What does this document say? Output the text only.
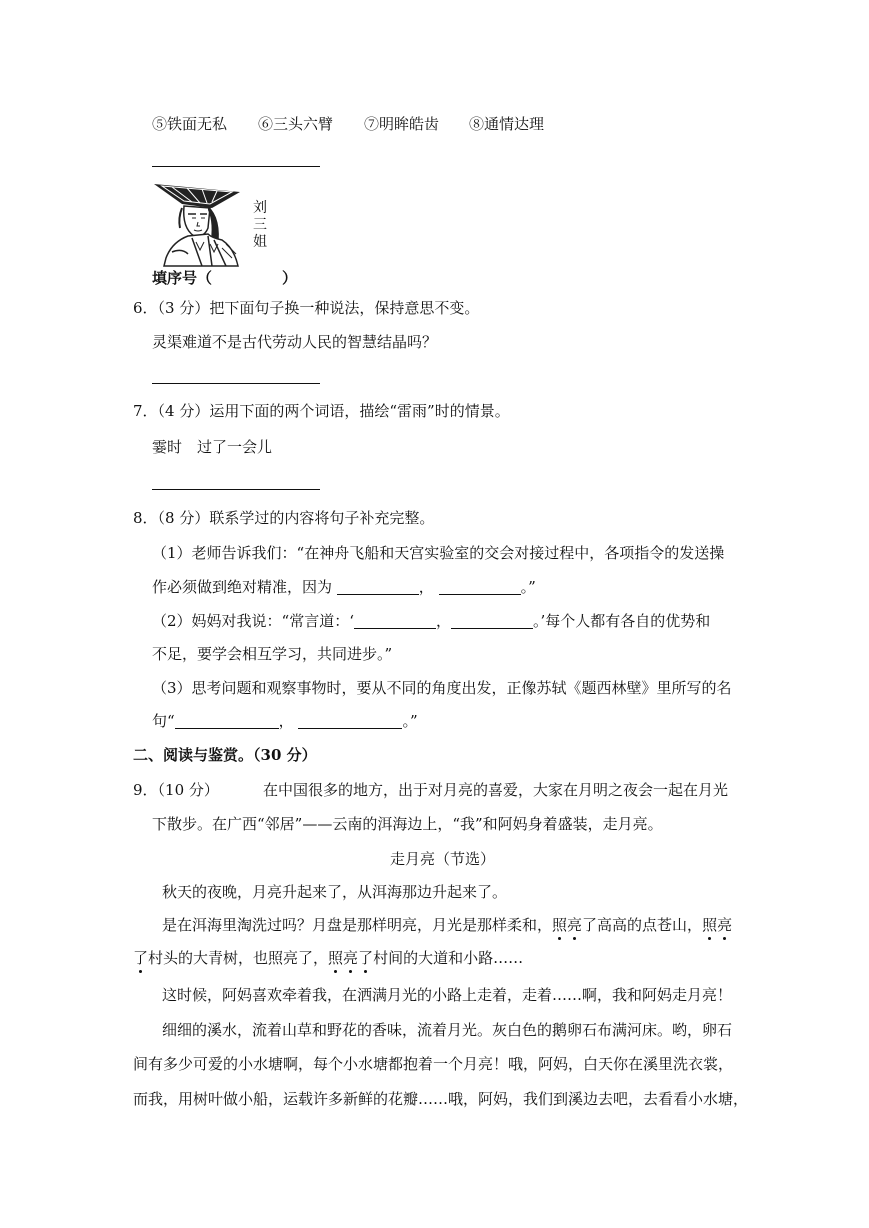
⑤铁面无私 ⑥三头六臂 ⑦明眸皓齿 ⑧通情达理
刘
三
姐
填序号（	）
6．（3 分）把下面句子换一种说法，保持意思不变。
灵渠难道不是古代劳动人民的智慧结晶吗？
7．（4 分）运用下面的两个词语，描绘“雷雨”时的情景。
霎时　过了一会儿
8．（8 分）联系学过的内容将句子补充完整。
（1）老师告诉我们：“在神舟飞船和天宫实验室的交会对接过程中，各项指令的发送操
作必须做到绝对精准，因为	，	。”
（2）妈妈对我说：“常言道：‘	，	。’每个人都有各自的优势和
不足，要学会相互学习，共同进步。”
（3）思考问题和观察事物时，要从不同的角度出发，正像苏轼《题西林壁》里所写的名
句“	，	。”
二、阅读与鉴赏。（30 分）
9．（10 分）	在中国很多的地方，出于对月亮的喜爱，大家在月明之夜会一起在月光
下散步。在广西“邻居”——云南的洱海边上，“我”和阿妈身着盛装，走月亮。
走月亮（节选）
秋天的夜晚，月亮升起来了，从洱海那边升起来了。
是在洱海里淘洗过吗？月盘是那样明亮，月光是那样柔和，照亮了高高的点苍山，照亮
了村头的大青树，也照亮了，照亮了村间的大道和小路……
这时候，阿妈喜欢牵着我，在洒满月光的小路上走着，走着……啊，我和阿妈走月亮！
细细的溪水，流着山草和野花的香味，流着月光。灰白色的鹅卵石布满河床。哟，卵石
间有多少可爱的小水塘啊，每个小水塘都抱着一个月亮！哦，阿妈，白天你在溪里洗衣裳，
而我，用树叶做小船，运载许多新鲜的花瓣……哦，阿妈，我们到溪边去吧，去看看小水塘，
